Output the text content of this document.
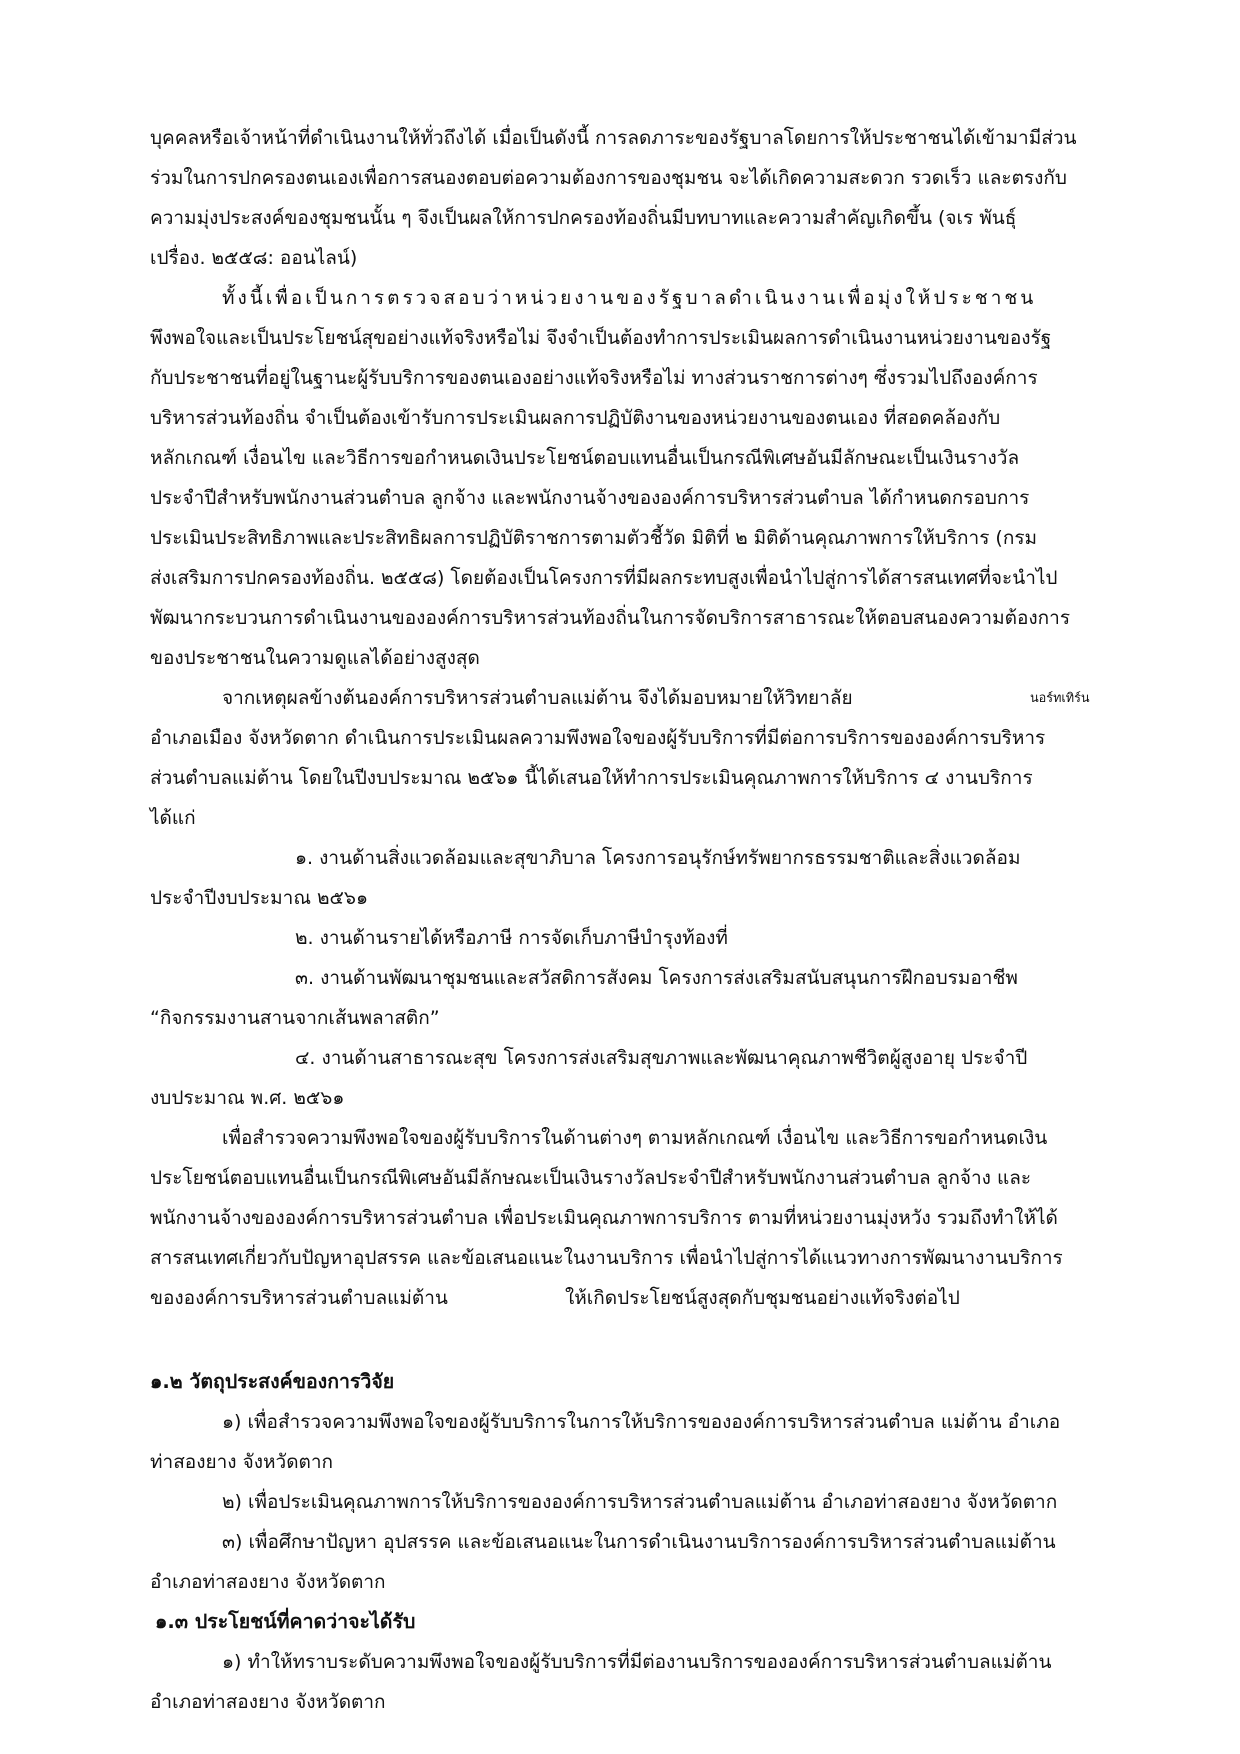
บุคคลหรือเจ้าหน้าที่ดำเนินงานให้ทั่วถึงได้ เมื่อเป็นดังนี้ การลดภาระของรัฐบาลโดยการให้ประชาชนได้เข้ามามีส่วน
ร่วมในการปกครองตนเองเพื่อการสนองตอบต่อความต้องการของชุมชน จะได้เกิดความสะดวก รวดเร็ว และตรงกับ
ความมุ่งประสงค์ของชุมชนนั้น ๆ จึงเป็นผลให้การปกครองท้องถิ่นมีบทบาทและความสำคัญเกิดขึ้น (จเร พันธุ์
เปรื่อง. ๒๕๕๘: ออนไลน์)
ทั้งนี้เพื่อเป็นการตรวจสอบว่าหน่วยงานของรัฐบาลดำเนินงานเพื่อมุ่งให้ประชาชน
พึงพอใจและเป็นประโยชน์สุขอย่างแท้จริงหรือไม่ จึงจำเป็นต้องทำการประเมินผลการดำเนินงานหน่วยงานของรัฐ
กับประชาชนที่อยู่ในฐานะผู้รับบริการของตนเองอย่างแท้จริงหรือไม่ ทางส่วนราชการต่างๆ ซึ่งรวมไปถึงองค์การ
บริหารส่วนท้องถิ่น จำเป็นต้องเข้ารับการประเมินผลการปฏิบัติงานของหน่วยงานของตนเอง ที่สอดคล้องกับ
หลักเกณฑ์ เงื่อนไข และวิธีการขอกำหนดเงินประโยชน์ตอบแทนอื่นเป็นกรณีพิเศษอันมีลักษณะเป็นเงินรางวัล
ประจำปีสำหรับพนักงานส่วนตำบล ลูกจ้าง และพนักงานจ้างขององค์การบริหารส่วนตำบล ได้กำหนดกรอบการ
ประเมินประสิทธิภาพและประสิทธิผลการปฏิบัติราชการตามตัวชี้วัด มิติที่ ๒ มิติด้านคุณภาพการให้บริการ (กรม
ส่งเสริมการปกครองท้องถิ่น. ๒๕๕๘) โดยต้องเป็นโครงการที่มีผลกระทบสูงเพื่อนำไปสู่การได้สารสนเทศที่จะนำไป
พัฒนากระบวนการดำเนินงานขององค์การบริหารส่วนท้องถิ่นในการจัดบริการสาธารณะให้ตอบสนองความต้องการ
ของประชาชนในความดูแลได้อย่างสูงสุด
จากเหตุผลข้างต้นองค์การบริหารส่วนตำบลแม่ต้าน จึงได้มอบหมายให้วิทยาลัย	นอร์ทเทิร์น
อำเภอเมือง จังหวัดตาก ดำเนินการประเมินผลความพึงพอใจของผู้รับบริการที่มีต่อการบริการขององค์การบริหาร
ส่วนตำบลแม่ต้าน โดยในปีงบประมาณ ๒๕๖๑ นี้ได้เสนอให้ทำการประเมินคุณภาพการให้บริการ ๔ งานบริการ
ได้แก่
๑. งานด้านสิ่งแวดล้อมและสุขาภิบาล โครงการอนุรักษ์ทรัพยากรธรรมชาติและสิ่งแวดล้อม
ประจำปีงบประมาณ ๒๕๖๑
๒. งานด้านรายได้หรือภาษี การจัดเก็บภาษีบำรุงท้องที่
๓. งานด้านพัฒนาชุมชนและสวัสดิการสังคม โครงการส่งเสริมสนับสนุนการฝึกอบรมอาชีพ
“กิจกรรมงานสานจากเส้นพลาสติก”
๔. งานด้านสาธารณะสุข โครงการส่งเสริมสุขภาพและพัฒนาคุณภาพชีวิตผู้สูงอายุ ประจำปี
งบประมาณ พ.ศ. ๒๕๖๑
เพื่อสำรวจความพึงพอใจของผู้รับบริการในด้านต่างๆ ตามหลักเกณฑ์ เงื่อนไข และวิธีการขอกำหนดเงิน
ประโยชน์ตอบแทนอื่นเป็นกรณีพิเศษอันมีลักษณะเป็นเงินรางวัลประจำปีสำหรับพนักงานส่วนตำบล ลูกจ้าง และ
พนักงานจ้างขององค์การบริหารส่วนตำบล เพื่อประเมินคุณภาพการบริการ ตามที่หน่วยงานมุ่งหวัง รวมถึงทำให้ได้
สารสนเทศเกี่ยวกับปัญหาอุปสรรค และข้อเสนอแนะในงานบริการ เพื่อนำไปสู่การได้แนวทางการพัฒนางานบริการ
ขององค์การบริหารส่วนตำบลแม่ต้าน	ให้เกิดประโยชน์สูงสุดกับชุมชนอย่างแท้จริงต่อไป
๑.๒ วัตถุประสงค์ของการวิจัย
๑) เพื่อสำรวจความพึงพอใจของผู้รับบริการในการให้บริการขององค์การบริหารส่วนตำบล แม่ต้าน อำเภอ
ท่าสองยาง จังหวัดตาก
๒) เพื่อประเมินคุณภาพการให้บริการขององค์การบริหารส่วนตำบลแม่ต้าน อำเภอท่าสองยาง จังหวัดตาก
๓) เพื่อศึกษาปัญหา อุปสรรค และข้อเสนอแนะในการดำเนินงานบริการองค์การบริหารส่วนตำบลแม่ต้าน
อำเภอท่าสองยาง จังหวัดตาก
๑.๓ ประโยชน์ที่คาดว่าจะได้รับ
๑) ทำให้ทราบระดับความพึงพอใจของผู้รับบริการที่มีต่องานบริการขององค์การบริหารส่วนตำบลแม่ต้าน
อำเภอท่าสองยาง จังหวัดตาก
